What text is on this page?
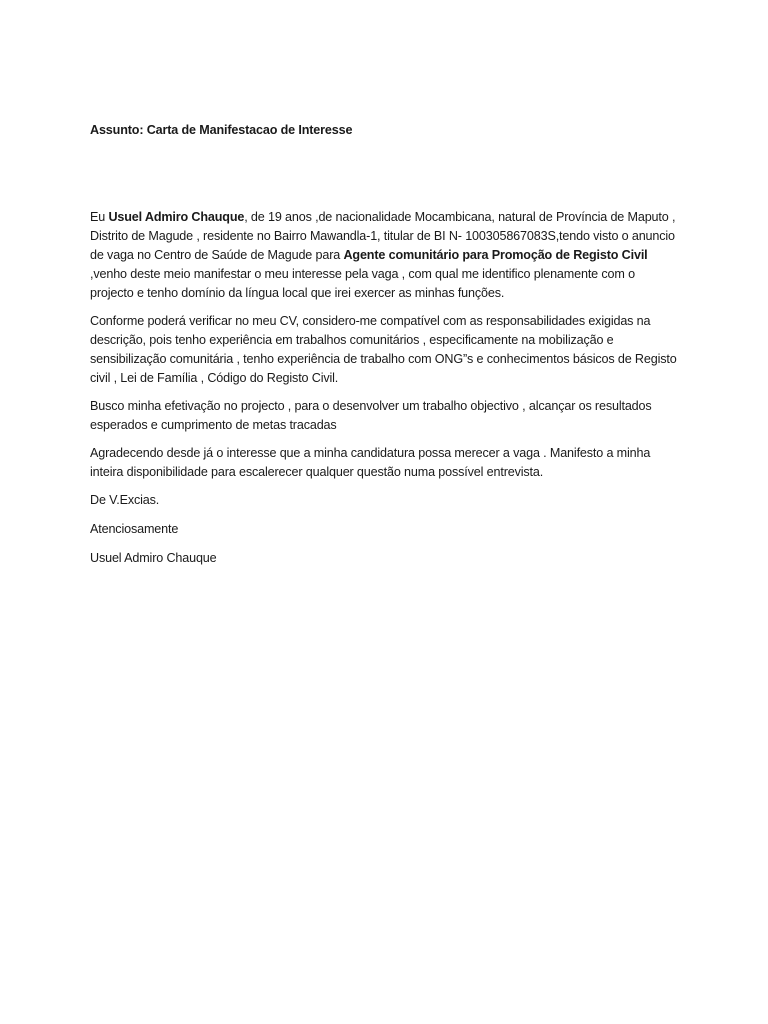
Assunto: Carta de Manifestacao de Interesse

Eu Usuel Admiro Chauque, de 19 anos ,de nacionalidade Mocambicana, natural de Província de Maputo , Distrito de Magude , residente no Bairro Mawandla-1, titular de BI N- 100305867083S,tendo visto o anuncio de vaga no Centro de Saúde de Magude para Agente comunitário para Promoção de Registo Civil ,venho deste meio manifestar o meu interesse pela vaga , com qual me identifico plenamente com o projecto e tenho domínio da língua local que irei exercer as minhas funções.

Conforme poderá verificar no meu CV, considero-me compatível com as responsabilidades exigidas na descrição, pois tenho experiência em trabalhos comunitários , especificamente na mobilização e sensibilização comunitária , tenho experiência de trabalho com ONG”s e conhecimentos básicos de Registo civil , Lei de Família , Código do Registo Civil.

Busco minha efetivação no projecto , para o desenvolver um trabalho objectivo , alcançar os resultados esperados e cumprimento de metas tracadas

Agradecendo desde já o interesse que a minha candidatura possa merecer a vaga . Manifesto a minha inteira disponibilidade para escalerecer qualquer questão numa possível entrevista.

De V.Excias.

Atenciosamente

Usuel Admiro Chauque
